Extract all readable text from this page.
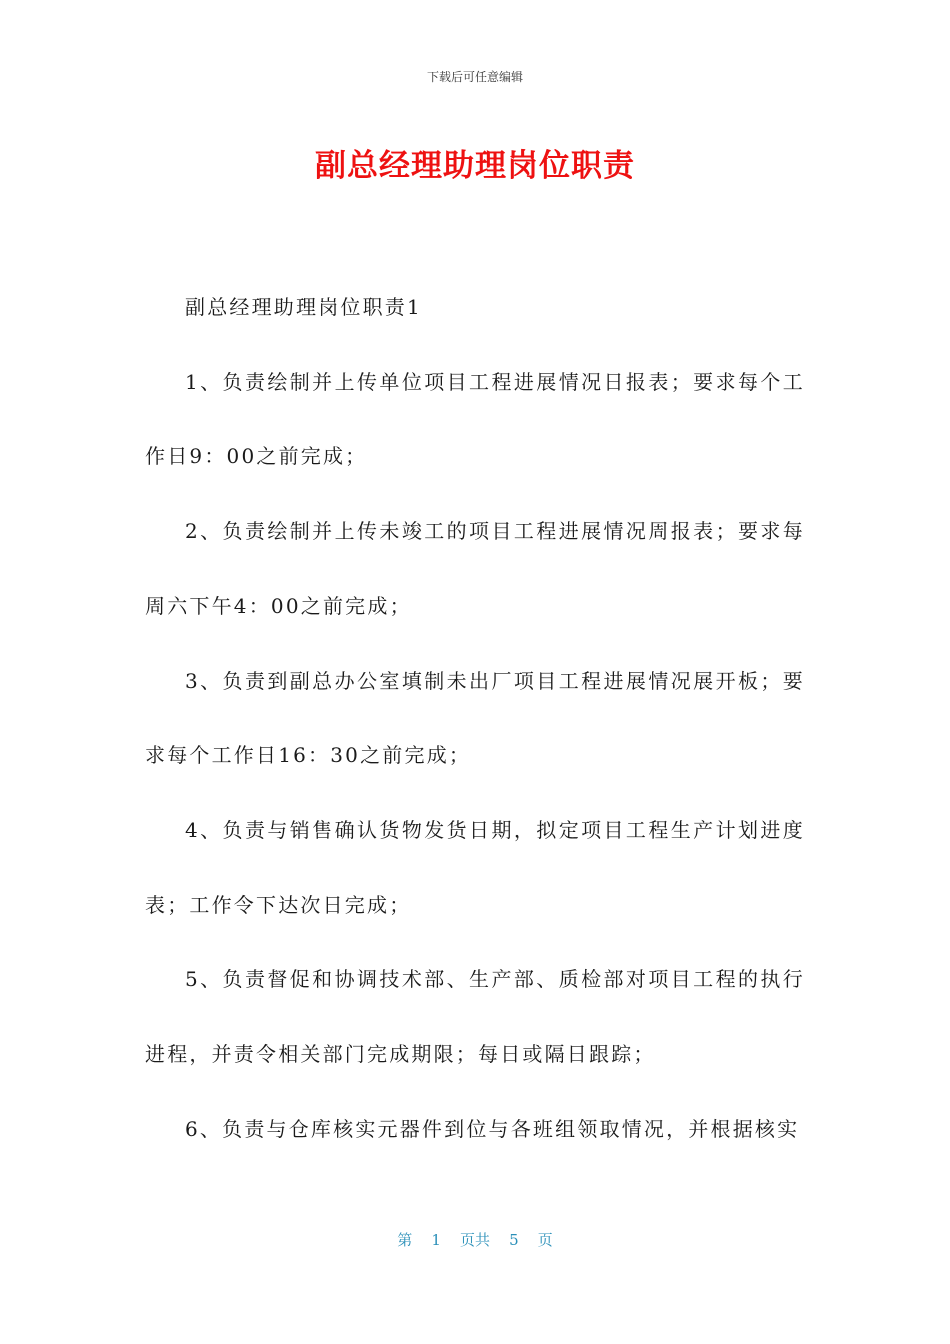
下载后可任意编辑
副总经理助理岗位职责

副总经理助理岗位职责1

1、负责绘制并上传单位项目工程进展情况日报表；要求每个工作日9：00之前完成；

2、负责绘制并上传未竣工的项目工程进展情况周报表；要求每周六下午4：00之前完成；

3、负责到副总办公室填制未出厂项目工程进展情况展开板；要求每个工作日16：30之前完成；

4、负责与销售确认货物发货日期，拟定项目工程生产计划进度表；工作令下达次日完成；

5、负责督促和协调技术部、生产部、质检部对项目工程的执行进程，并责令相关部门完成期限；每日或隔日跟踪；

6、负责与仓库核实元器件到位与各班组领取情况，并根据核实

第 1 页共 5 页
